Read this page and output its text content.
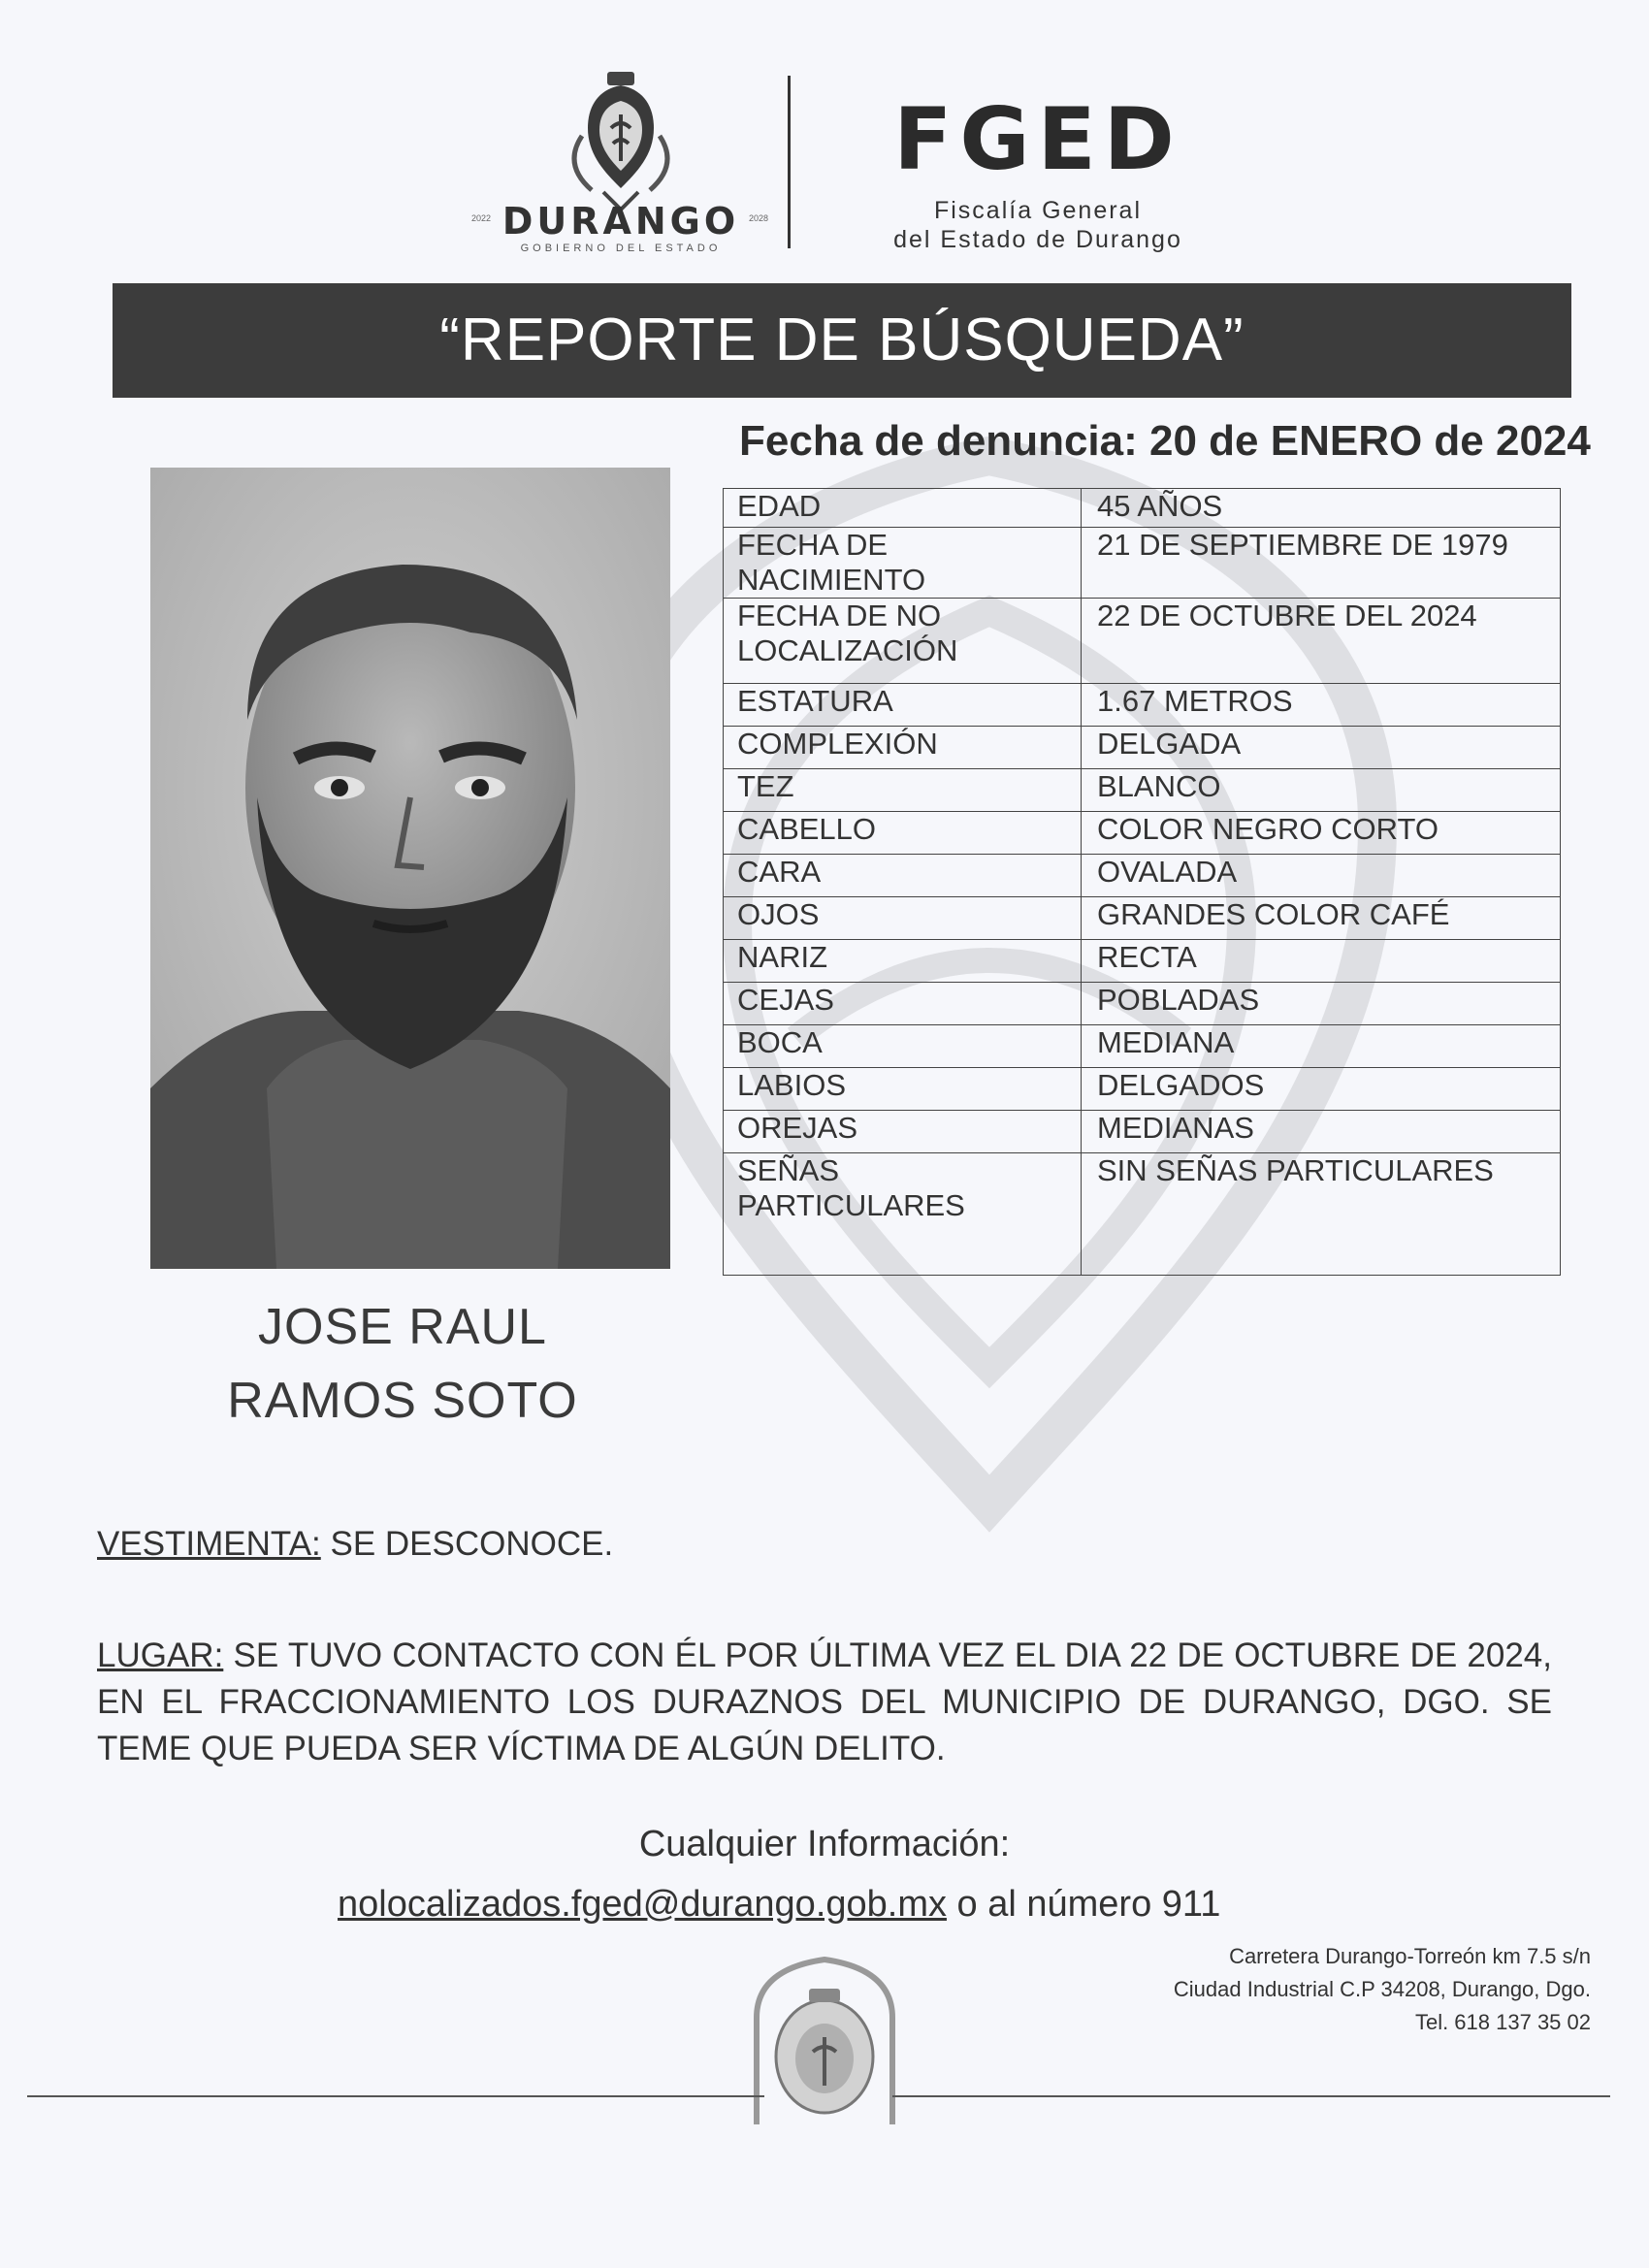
DURANGO
GOBIERNO DEL ESTADO
2022	2028
FGED
Fiscalía General
del Estado de Durango
“REPORTE DE BÚSQUEDA”
Fecha de denuncia: 20 de ENERO de 2024
EDAD	45 AÑOS
FECHA DE NACIMIENTO	21 DE SEPTIEMBRE DE 1979
FECHA DE NO LOCALIZACIÓN	22 DE OCTUBRE DEL 2024
ESTATURA	1.67 METROS
COMPLEXIÓN	DELGADA
TEZ	BLANCO
CABELLO	COLOR NEGRO CORTO
CARA	OVALADA
OJOS	GRANDES COLOR CAFÉ
NARIZ	RECTA
CEJAS	POBLADAS
BOCA	MEDIANA
LABIOS	DELGADOS
OREJAS	MEDIANAS
SEÑAS PARTICULARES	SIN SEÑAS PARTICULARES
JOSE RAUL
RAMOS SOTO
VESTIMENTA: SE DESCONOCE.
LUGAR: SE TUVO CONTACTO CON ÉL POR ÚLTIMA VEZ EL DIA 22 DE OCTUBRE DE 2024, EN EL FRACCIONAMIENTO LOS DURAZNOS DEL MUNICIPIO DE DURANGO, DGO. SE TEME QUE PUEDA SER VÍCTIMA DE ALGÚN DELITO.
Cualquier Información:
nolocalizados.fged@durango.gob.mx o al número 911
Carretera Durango-Torreón km 7.5 s/n
Ciudad Industrial C.P 34208, Durango, Dgo.
Tel. 618 137 35 02
